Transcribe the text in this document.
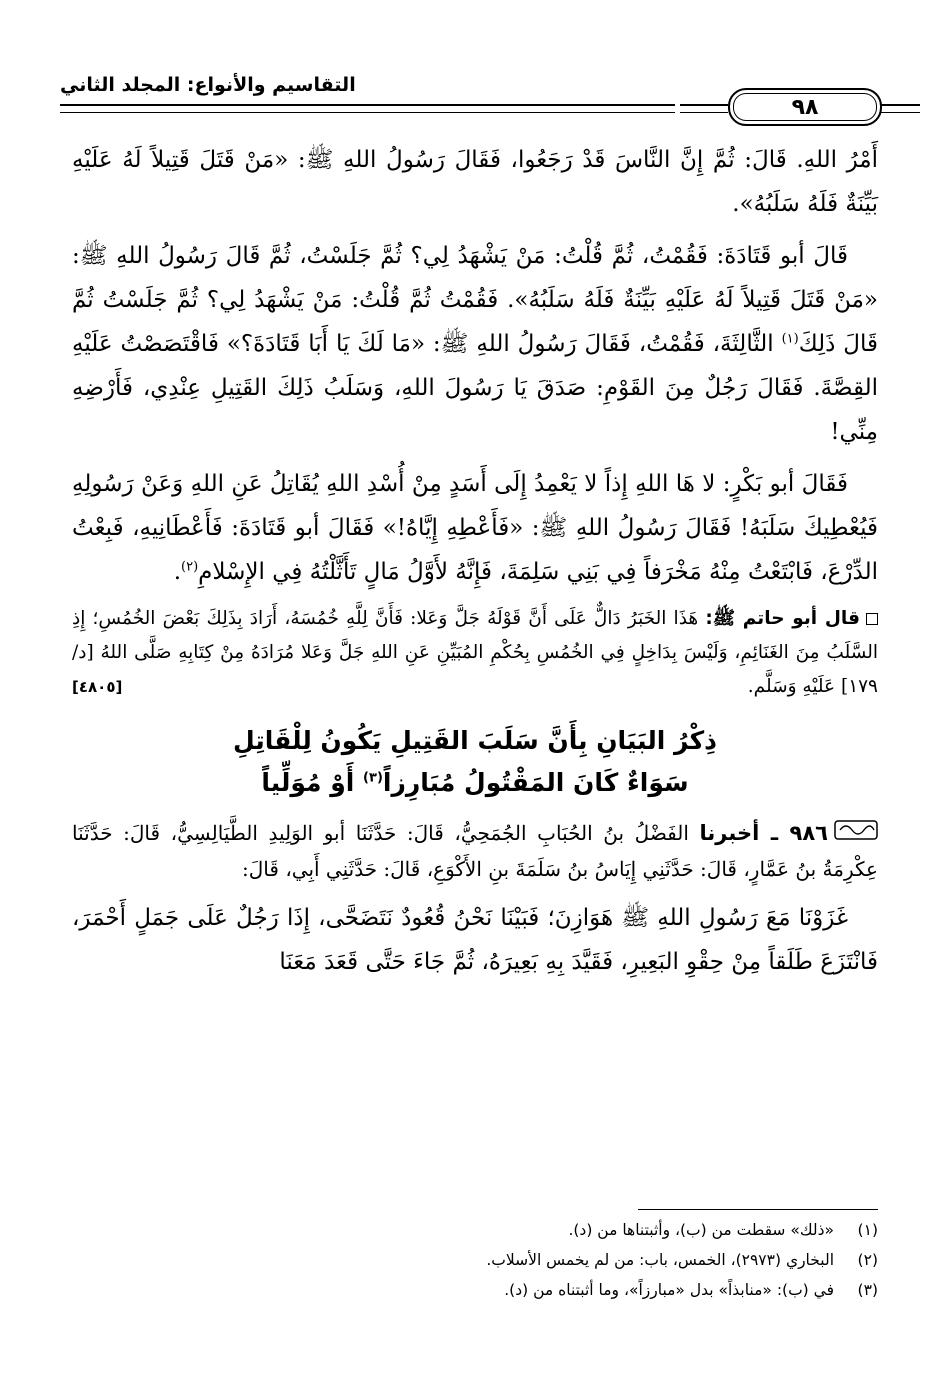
التقاسيم والأنواع: المجلد الثاني
٩٨

أَمْرُ اللهِ. قَالَ: ثُمَّ إِنَّ النَّاسَ قَدْ رَجَعُوا، فَقَالَ رَسُولُ اللهِ ﷺ: «مَنْ قَتَلَ قَتِيلاً لَهُ عَلَيْهِ بَيِّنَةٌ فَلَهُ سَلَبُهُ».

قَالَ أبو قَتَادَةَ: فَقُمْتُ، ثُمَّ قُلْتُ: مَنْ يَشْهَدُ لِي؟ ثُمَّ جَلَسْتُ، ثُمَّ قَالَ رَسُولُ اللهِ ﷺ: «مَنْ قَتَلَ قَتِيلاً لَهُ عَلَيْهِ بَيِّنَةٌ فَلَهُ سَلَبُهُ». فَقُمْتُ ثُمَّ قُلْتُ: مَنْ يَشْهَدُ لِي؟ ثُمَّ جَلَسْتُ ثُمَّ قَالَ ذَلِكَ$^{(١)}$ الثَّالِثَةَ، فَقُمْتُ، فَقَالَ رَسُولُ اللهِ ﷺ: «مَا لَكَ يَا أَبَا قَتَادَةَ؟» فَاقْتَصَصْتُ عَلَيْهِ القِصَّةَ. فَقَالَ رَجُلٌ مِنَ القَوْمِ: صَدَقَ يَا رَسُولَ اللهِ، وَسَلَبُ ذَلِكَ القَتِيلِ عِنْدِي، فَأَرْضِهِ مِنِّي!

فَقَالَ أبو بَكْرٍ: لا هَا اللهِ إِذاً لا يَعْمِدُ إِلَى أَسَدٍ مِنْ أُسْدِ اللهِ يُقَاتِلُ عَنِ اللهِ وَعَنْ رَسُولِهِ فَيُعْطِيكَ سَلَبَهُ! فَقَالَ رَسُولُ اللهِ ﷺ: «فَأَعْطِهِ إِيَّاهُ!» فَقَالَ أبو قَتَادَةَ: فَأَعْطَانِيهِ، فَبِعْتُ الدِّرْعَ، فَابْتَعْتُ مِنْهُ مَخْرَفاً فِي بَنِي سَلِمَةَ، فَإِنَّهُ لأَوَّلُ مَالٍ تَأَثَّلْتُهُ فِي الإِسْلامِ$^{(٢)}$.

قال أبو حاتم ﷺ: هَذَا الخَبَرُ دَالٌّ عَلَى أَنَّ قَوْلَهُ جَلَّ وَعَلا: فَأَنَّ لِلَّهِ خُمُسَهُ، أَرَادَ بِذَلِكَ بَعْضَ الخُمُسِ؛ إِذِ السَّلَبُ مِنَ الغَنَائِمِ، وَلَيْسَ بِدَاخِلٍ فِي الخُمُسِ بِحُكْمِ المُبَيِّنِ عَنِ اللهِ جَلَّ وَعَلا مُرَادَهُ مِنْ كِتَابِهِ صَلَّى اللهُ [د/ ١٧٩] عَلَيْهِ وَسَلَّم.
[٤٨٠٥]

ذِكْرُ البَيَانِ بِأَنَّ سَلَبَ القَتِيلِ يَكُونُ لِلْقَاتِلِ
سَوَاءٌ كَانَ المَقْتُولُ مُبَارِزاً$^{(٣)}$ أَوْ مُوَلِّياً

٩٨٦ ـ أخبرنا الفَضْلُ بنُ الحُبَابِ الجُمَحِيُّ، قَالَ: حَدَّثَنَا أبو الوَلِيدِ الطَّيَالِسِيُّ، قَالَ: حَدَّثَنَا عِكْرِمَةُ بنُ عَمَّارٍ، قَالَ: حَدَّثَنِي إِيَاسُ بنُ سَلَمَةَ بنِ الأَكْوَعِ، قَالَ: حَدَّثَنِي أَبِي، قَالَ:

غَزَوْنَا مَعَ رَسُولِ اللهِ ﷺ هَوَازِنَ؛ فَبَيْنَا نَحْنُ قُعُودٌ نَتَضَحَّى، إِذَا رَجُلٌ عَلَى جَمَلٍ أَحْمَرَ، فَانْتَزَعَ طَلَقاً مِنْ حِقْوِ البَعِيرِ، فَقَيَّدَ بِهِ بَعِيرَهُ، ثُمَّ جَاءَ حَتَّى قَعَدَ مَعَنَا

(١)
«ذلك» سقطت من (ب)، وأثبتناها من (د).
(٢)
البخاري (٢٩٧٣)، الخمس، باب: من لم يخمس الأسلاب.
(٣)
في (ب): «منابذاً» بدل «مبارزاً»، وما أثبتناه من (د).
